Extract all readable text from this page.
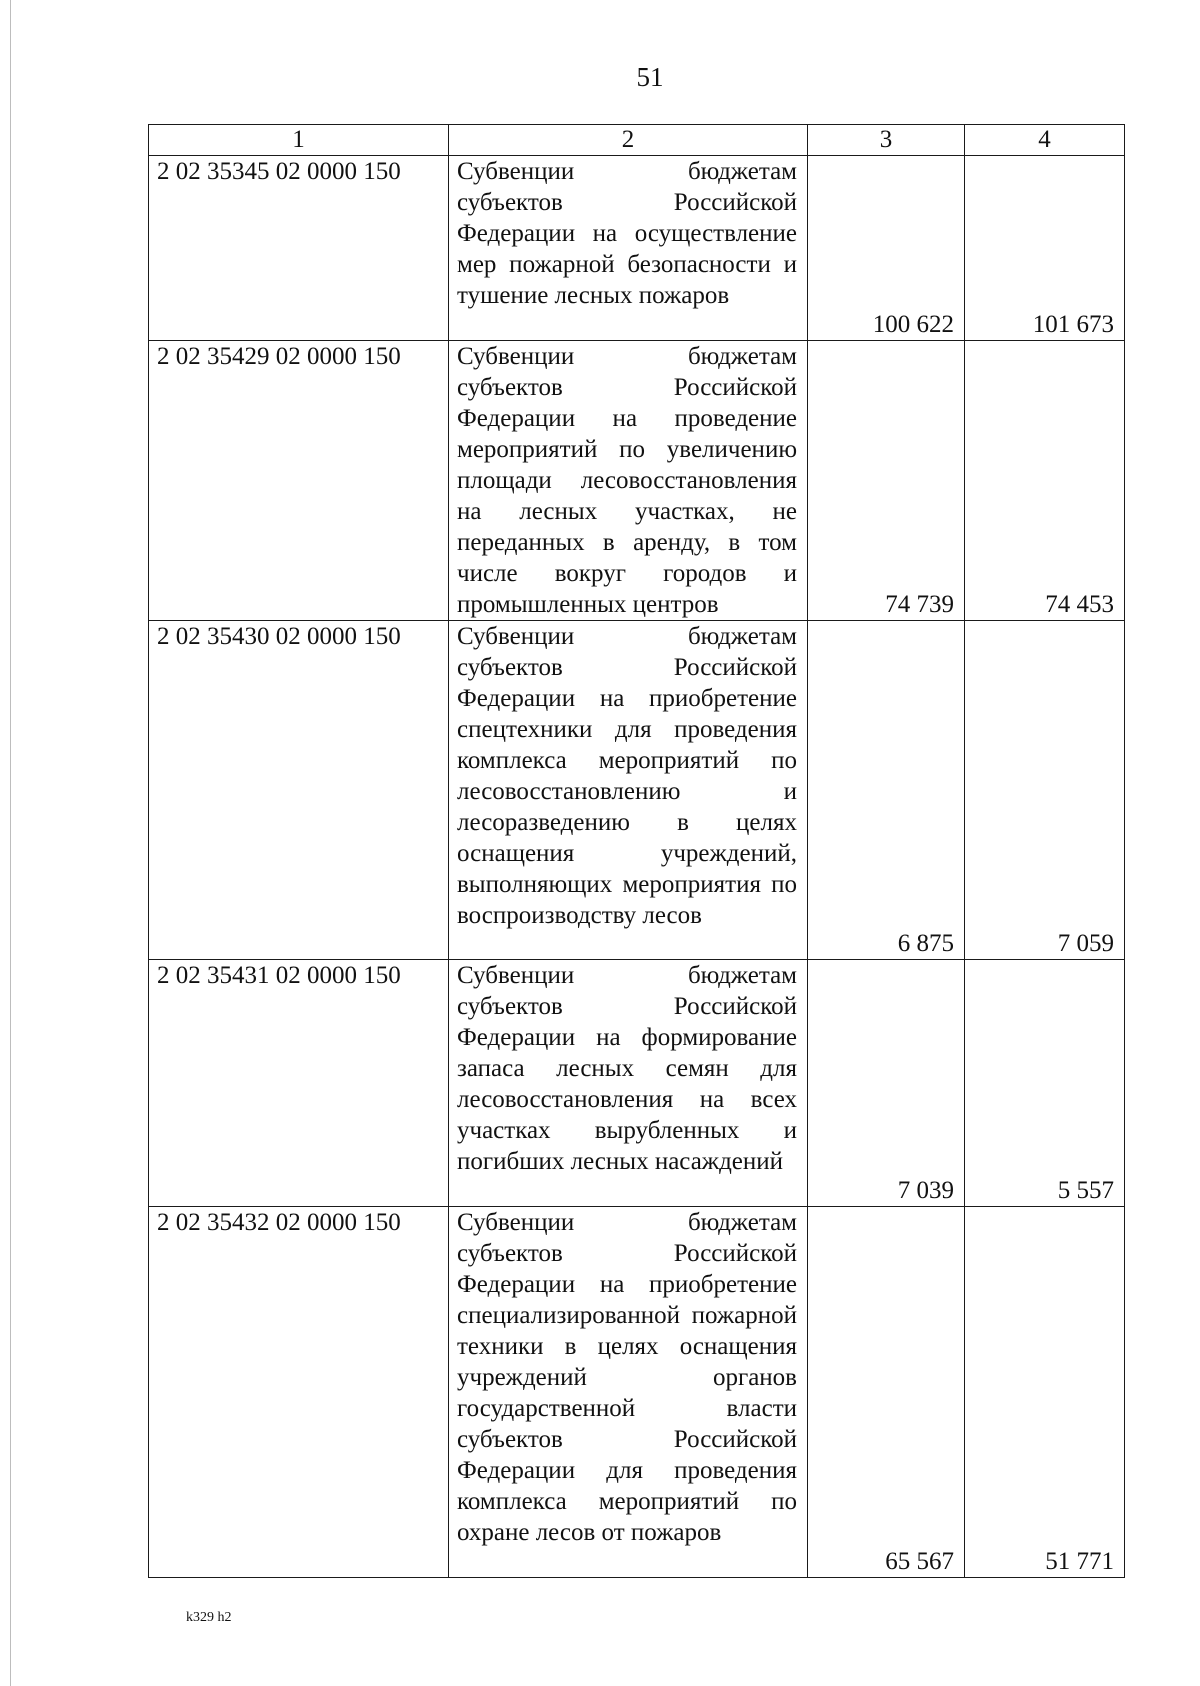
51
1	2	3	4
2 02 35345 02 0000 150	Субвенции бюджетам субъектов Российской Федерации на осуществление мер пожарной безопасности и тушение лесных пожаров	100 622	101 673
2 02 35429 02 0000 150	Субвенции бюджетам субъектов Российской Федерации на проведение мероприятий по увеличению площади лесовосстановления на лесных участках, не переданных в аренду, в том числе вокруг городов и промышленных центров	74 739	74 453
2 02 35430 02 0000 150	Субвенции бюджетам субъектов Российской Федерации на приобретение спецтехники для проведения комплекса мероприятий по лесовосстановлению и лесоразведению в целях оснащения учреждений, выполняющих мероприятия по воспроизводству лесов	6 875	7 059
2 02 35431 02 0000 150	Субвенции бюджетам субъектов Российской Федерации на формирование запаса лесных семян для лесовосстановления на всех участках вырубленных и погибших лесных насаждений	7 039	5 557
2 02 35432 02 0000 150	Субвенции бюджетам субъектов Российской Федерации на приобретение специализированной пожарной техники в целях оснащения учреждений органов государственной власти субъектов Российской Федерации для проведения комплекса мероприятий по охране лесов от пожаров	65 567	51 771
k329 h2
